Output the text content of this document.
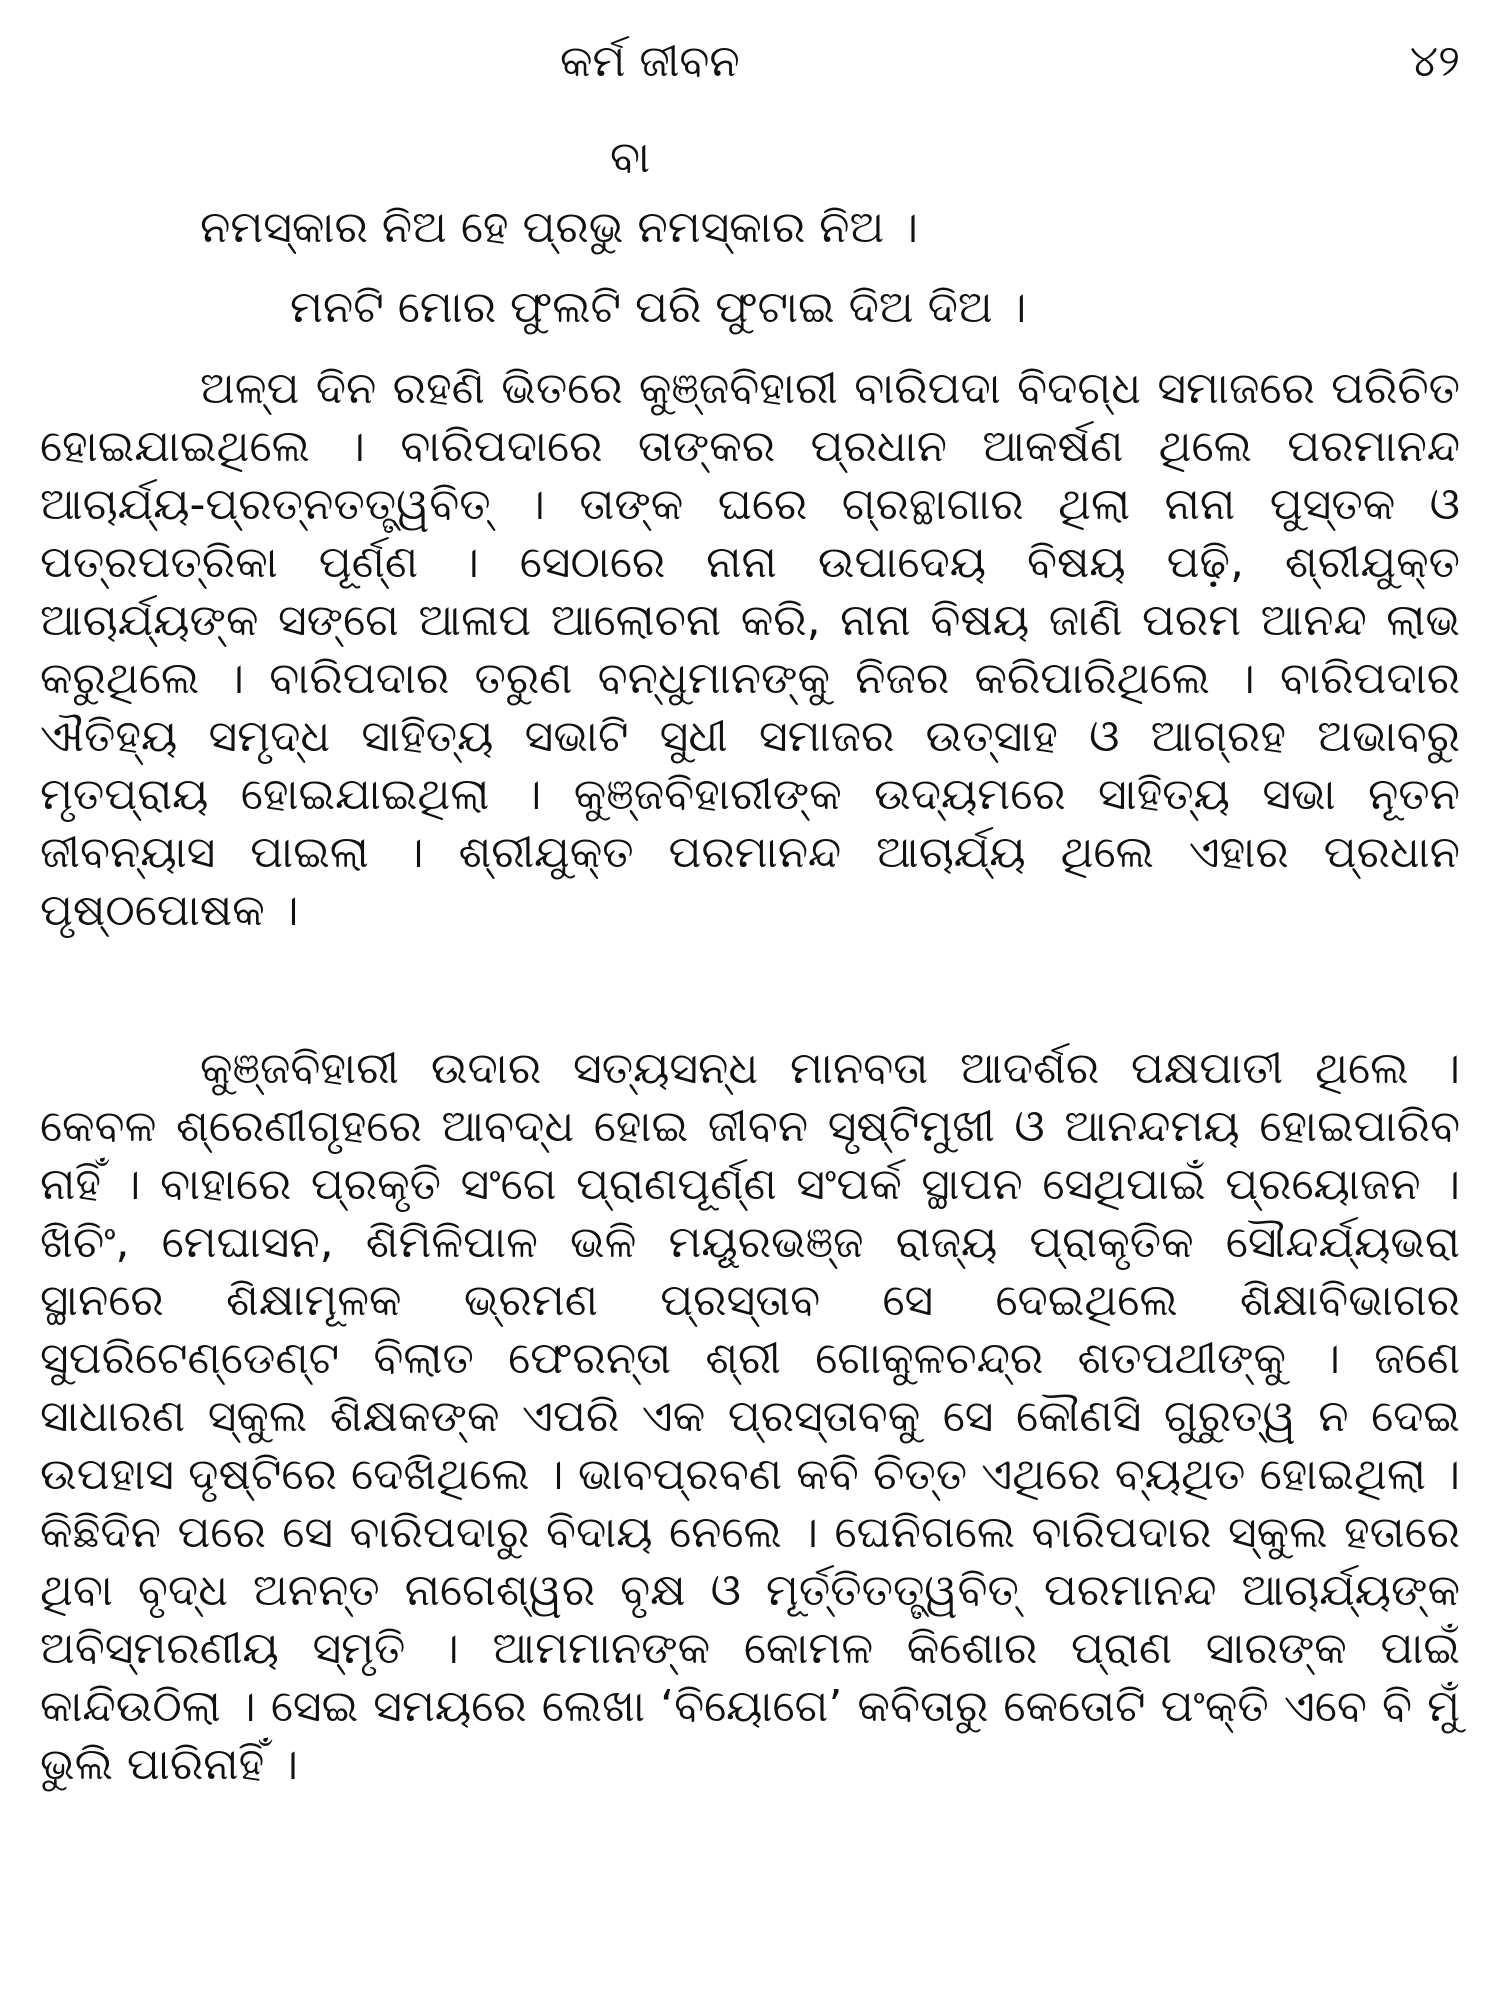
କର୍ମ ଜୀବନ	୪୨
ବା
ନମସ୍କାର ନିଅ ହେ ପ୍ରଭୁ ନମସ୍କାର ନିଅ ।
ମନଟି ମୋର ଫୁଲଟି ପରି ଫୁଟାଇ ଦିଅ ଦିଅ ।

ଅଳ୍ପ ଦିନ ରହଣି ଭିତରେ କୁଞ୍ଜବିହାରୀ ବାରିପଦା ବିଦଗ୍ଧ ସମାଜରେ ପରିଚିତ ହୋଇଯାଇଥିଲେ । ବାରିପଦାରେ ତାଙ୍କର ପ୍ରଧାନ ଆକର୍ଷଣ ଥିଲେ ପରମାନନ୍ଦ ଆଚାର୍ଯ୍ୟ-ପ୍ରତ୍ନତତ୍ତ୍ୱବିତ୍ । ତାଙ୍କ ଘରେ ଗ୍ରନ୍ଥାଗାର ଥିଲା ନାନା ପୁସ୍ତକ ଓ ପତ୍ରପତ୍ରିକା ପୂର୍ଣ୍ଣ । ସେଠାରେ ନାନା ଉପାଦେୟ ବିଷୟ ପଢ଼ି, ଶ୍ରୀଯୁକ୍ତ ଆଚାର୍ଯ୍ୟଙ୍କ ସଙ୍ଗେ ଆଳାପ ଆଲୋଚନା କରି, ନାନା ବିଷୟ ଜାଣି ପରମ ଆନନ୍ଦ ଲାଭ କରୁଥିଲେ । ବାରିପଦାର ତରୁଣ ବନ୍ଧୁମାନଙ୍କୁ ନିଜର କରିପାରିଥିଲେ । ବାରିପଦାର ଐତିହ୍ୟ ସମୃଦ୍ଧ ସାହିତ୍ୟ ସଭାଟି ସୁଧୀ ସମାଜର ଉତ୍ସାହ ଓ ଆଗ୍ରହ ଅଭାବରୁ ମୃତପ୍ରାୟ ହୋଇଯାଇଥିଲା । କୁଞ୍ଜବିହାରୀଙ୍କ ଉଦ୍ୟମରେ ସାହିତ୍ୟ ସଭା ନୂତନ ଜୀବନ୍ୟାସ ପାଇଲା । ଶ୍ରୀଯୁକ୍ତ ପରମାନନ୍ଦ ଆଚାର୍ଯ୍ୟ ଥିଲେ ଏହାର ପ୍ରଧାନ ପୃଷ୍ଠପୋଷକ ।

କୁଞ୍ଜବିହାରୀ ଉଦାର ସତ୍ୟସନ୍ଧ ମାନବତା ଆଦର୍ଶର ପକ୍ଷପାତୀ ଥିଲେ । କେବଳ ଶ୍ରେଣୀଗୃହରେ ଆବଦ୍ଧ ହୋଇ ଜୀବନ ସୃଷ୍ଟିମୁଖୀ ଓ ଆନନ୍ଦମୟ ହୋଇପାରିବ ନାହିଁ । ବାହାରେ ପ୍ରକୃତି ସଂଗେ ପ୍ରାଣପୂର୍ଣ୍ଣ ସଂପର୍କ ସ୍ଥାପନ ସେଥିପାଇଁ ପ୍ରୟୋଜନ । ଖିଚିଂ, ମେଘାସନ, ଶିମିଳିପାଳ ଭଳି ମୟୂରଭଞ୍ଜ ରାଜ୍ୟ ପ୍ରାକୃତିକ ସୌନ୍ଦର୍ଯ୍ୟଭରା ସ୍ଥାନରେ ଶିକ୍ଷାମୂଳକ ଭ୍ରମଣ ପ୍ରସ୍ତାବ ସେ ଦେଇଥିଲେ ଶିକ୍ଷାବିଭାଗର ସୁପରିଟେଣ୍ଡେଣ୍ଟ ବିଲାତ ଫେରନ୍ତା ଶ୍ରୀ ଗୋକୁଳଚନ୍ଦ୍ର ଶତପଥୀଙ୍କୁ । ଜଣେ ସାଧାରଣ ସ୍କୁଲ ଶିକ୍ଷକଙ୍କ ଏପରି ଏକ ପ୍ରସ୍ତାବକୁ ସେ କୌଣସି ଗୁରୁତ୍ୱ ନ ଦେଇ ଉପହାସ ଦୃଷ୍ଟିରେ ଦେଖିଥିଲେ । ଭାବପ୍ରବଣ କବି ଚିତ୍ତ ଏଥିରେ ବ୍ୟଥିତ ହୋଇଥିଲା । କିଛିଦିନ ପରେ ସେ ବାରିପଦାରୁ ବିଦାୟ ନେଲେ । ଘେନିଗଲେ ବାରିପଦାର ସ୍କୁଲ ହତାରେ ଥିବା ବୃଦ୍ଧ ଅନନ୍ତ ନାଗେଶ୍ୱର ବୃକ୍ଷ ଓ ମୂର୍ତ୍ତିତତ୍ତ୍ୱବିତ୍ ପରମାନନ୍ଦ ଆଚାର୍ଯ୍ୟଙ୍କ ଅବିସ୍ମରଣୀୟ ସ୍ମୃତି । ଆମମାନଙ୍କ କୋମଳ କିଶୋର ପ୍ରାଣ ସାରଙ୍କ ପାଇଁ କାନ୍ଦିଉଠିଲା । ସେଇ ସମୟରେ ଲେଖା ‘ବିୟୋଗେ’ କବିତାରୁ କେତୋଟି ପଂକ୍ତି ଏବେ ବି ମୁଁ ଭୁଲି ପାରିନାହିଁ ।
